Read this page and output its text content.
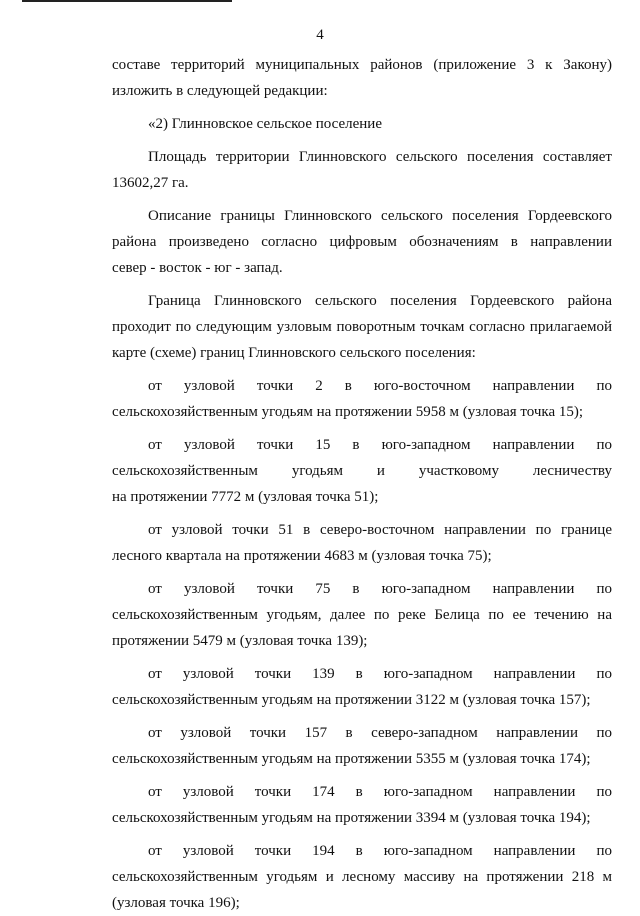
4
составе территорий муниципальных районов (приложение 3 к Закону)
изложить в следующей редакции:
«2) Глинновское сельское поселение
Площадь территории Глинновского сельского поселения составляет
13602,27 га.
Описание границы Глинновского сельского поселения Гордеевского
района произведено согласно цифровым обозначениям в направлении
север - восток - юг - запад.
Граница Глинновского сельского поселения Гордеевского района
проходит по следующим узловым поворотным точкам согласно прилагаемой
карте (схеме) границ Глинновского сельского поселения:
от узловой точки 2 в юго-восточном направлении по
сельскохозяйственным угодьям на протяжении 5958 м (узловая точка 15);
от узловой точки 15 в юго-западном направлении по
сельскохозяйственным угодьям и участковому лесничеству
на протяжении 7772 м (узловая точка 51);
от узловой точки 51 в северо-восточном направлении по границе
лесного квартала на протяжении 4683 м (узловая точка 75);
от узловой точки 75 в юго-западном направлении по
сельскохозяйственным угодьям, далее по реке Белица по ее течению на
протяжении 5479 м (узловая точка 139);
от узловой точки 139 в юго-западном направлении по
сельскохозяйственным угодьям на протяжении 3122 м (узловая точка 157);
от узловой точки 157 в северо-западном направлении по
сельскохозяйственным угодьям на протяжении 5355 м (узловая точка 174);
от узловой точки 174 в юго-западном направлении по
сельскохозяйственным угодьям на протяжении 3394 м (узловая точка 194);
от узловой точки 194 в юго-западном направлении по
сельскохозяйственным угодьям и лесному массиву на протяжении 218 м
(узловая точка 196);
